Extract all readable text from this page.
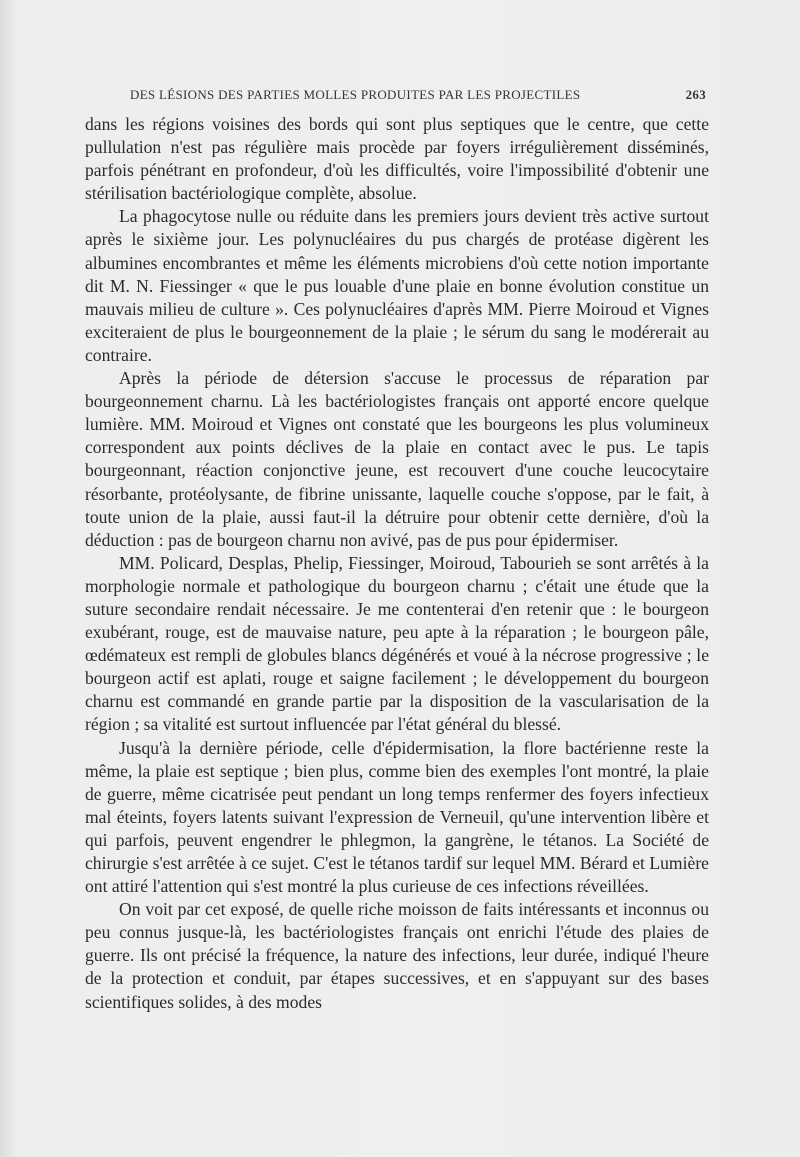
DES LÉSIONS DES PARTIES MOLLES PRODUITES PAR LES PROJECTILES	263

dans les régions voisines des bords qui sont plus septiques que le centre, que cette pullulation n'est pas régulière mais procède par foyers irrégulièrement disséminés, parfois pénétrant en profondeur, d'où les difficultés, voire l'impossibilité d'obtenir une stérilisation bactériologique complète, absolue.

La phagocytose nulle ou réduite dans les premiers jours devient très active surtout après le sixième jour. Les polynucléaires du pus chargés de protéase digèrent les albumines encombrantes et même les éléments microbiens d'où cette notion importante dit M. N. Fiessinger « que le pus louable d'une plaie en bonne évolution constitue un mauvais milieu de culture ». Ces polynucléaires d'après MM. Pierre Moiroud et Vignes exciteraient de plus le bourgeonnement de la plaie ; le sérum du sang le modérerait au contraire.

Après la période de détersion s'accuse le processus de réparation par bourgeonnement charnu. Là les bactériologistes français ont apporté encore quelque lumière. MM. Moiroud et Vignes ont constaté que les bourgeons les plus volumineux correspondent aux points déclives de la plaie en contact avec le pus. Le tapis bourgeonnant, réaction conjonctive jeune, est recouvert d'une couche leucocytaire résorbante, protéolysante, de fibrine unissante, laquelle couche s'oppose, par le fait, à toute union de la plaie, aussi faut-il la détruire pour obtenir cette dernière, d'où la déduction : pas de bourgeon charnu non avivé, pas de pus pour épidermiser.

MM. Policard, Desplas, Phelip, Fiessinger, Moiroud, Tabourieh se sont arrêtés à la morphologie normale et pathologique du bourgeon charnu ; c'était une étude que la suture secondaire rendait nécessaire. Je me contenterai d'en retenir que : le bourgeon exubérant, rouge, est de mauvaise nature, peu apte à la réparation ; le bourgeon pâle, œdémateux est rempli de globules blancs dégénérés et voué à la nécrose progressive ; le bourgeon actif est aplati, rouge et saigne facilement ; le développement du bourgeon charnu est commandé en grande partie par la disposition de la vascularisation de la région ; sa vitalité est surtout influencée par l'état général du blessé.

Jusqu'à la dernière période, celle d'épidermisation, la flore bactérienne reste la même, la plaie est septique ; bien plus, comme bien des exemples l'ont montré, la plaie de guerre, même cicatrisée peut pendant un long temps renfermer des foyers infectieux mal éteints, foyers latents suivant l'expression de Verneuil, qu'une intervention libère et qui parfois, peuvent engendrer le phlegmon, la gangrène, le tétanos. La Société de chirurgie s'est arrêtée à ce sujet. C'est le tétanos tardif sur lequel MM. Bérard et Lumière ont attiré l'attention qui s'est montré la plus curieuse de ces infections réveillées.

On voit par cet exposé, de quelle riche moisson de faits intéressants et inconnus ou peu connus jusque-là, les bactériologistes français ont enrichi l'étude des plaies de guerre. Ils ont précisé la fréquence, la nature des infections, leur durée, indiqué l'heure de la protection et conduit, par étapes successives, et en s'appuyant sur des bases scientifiques solides, à des modes
